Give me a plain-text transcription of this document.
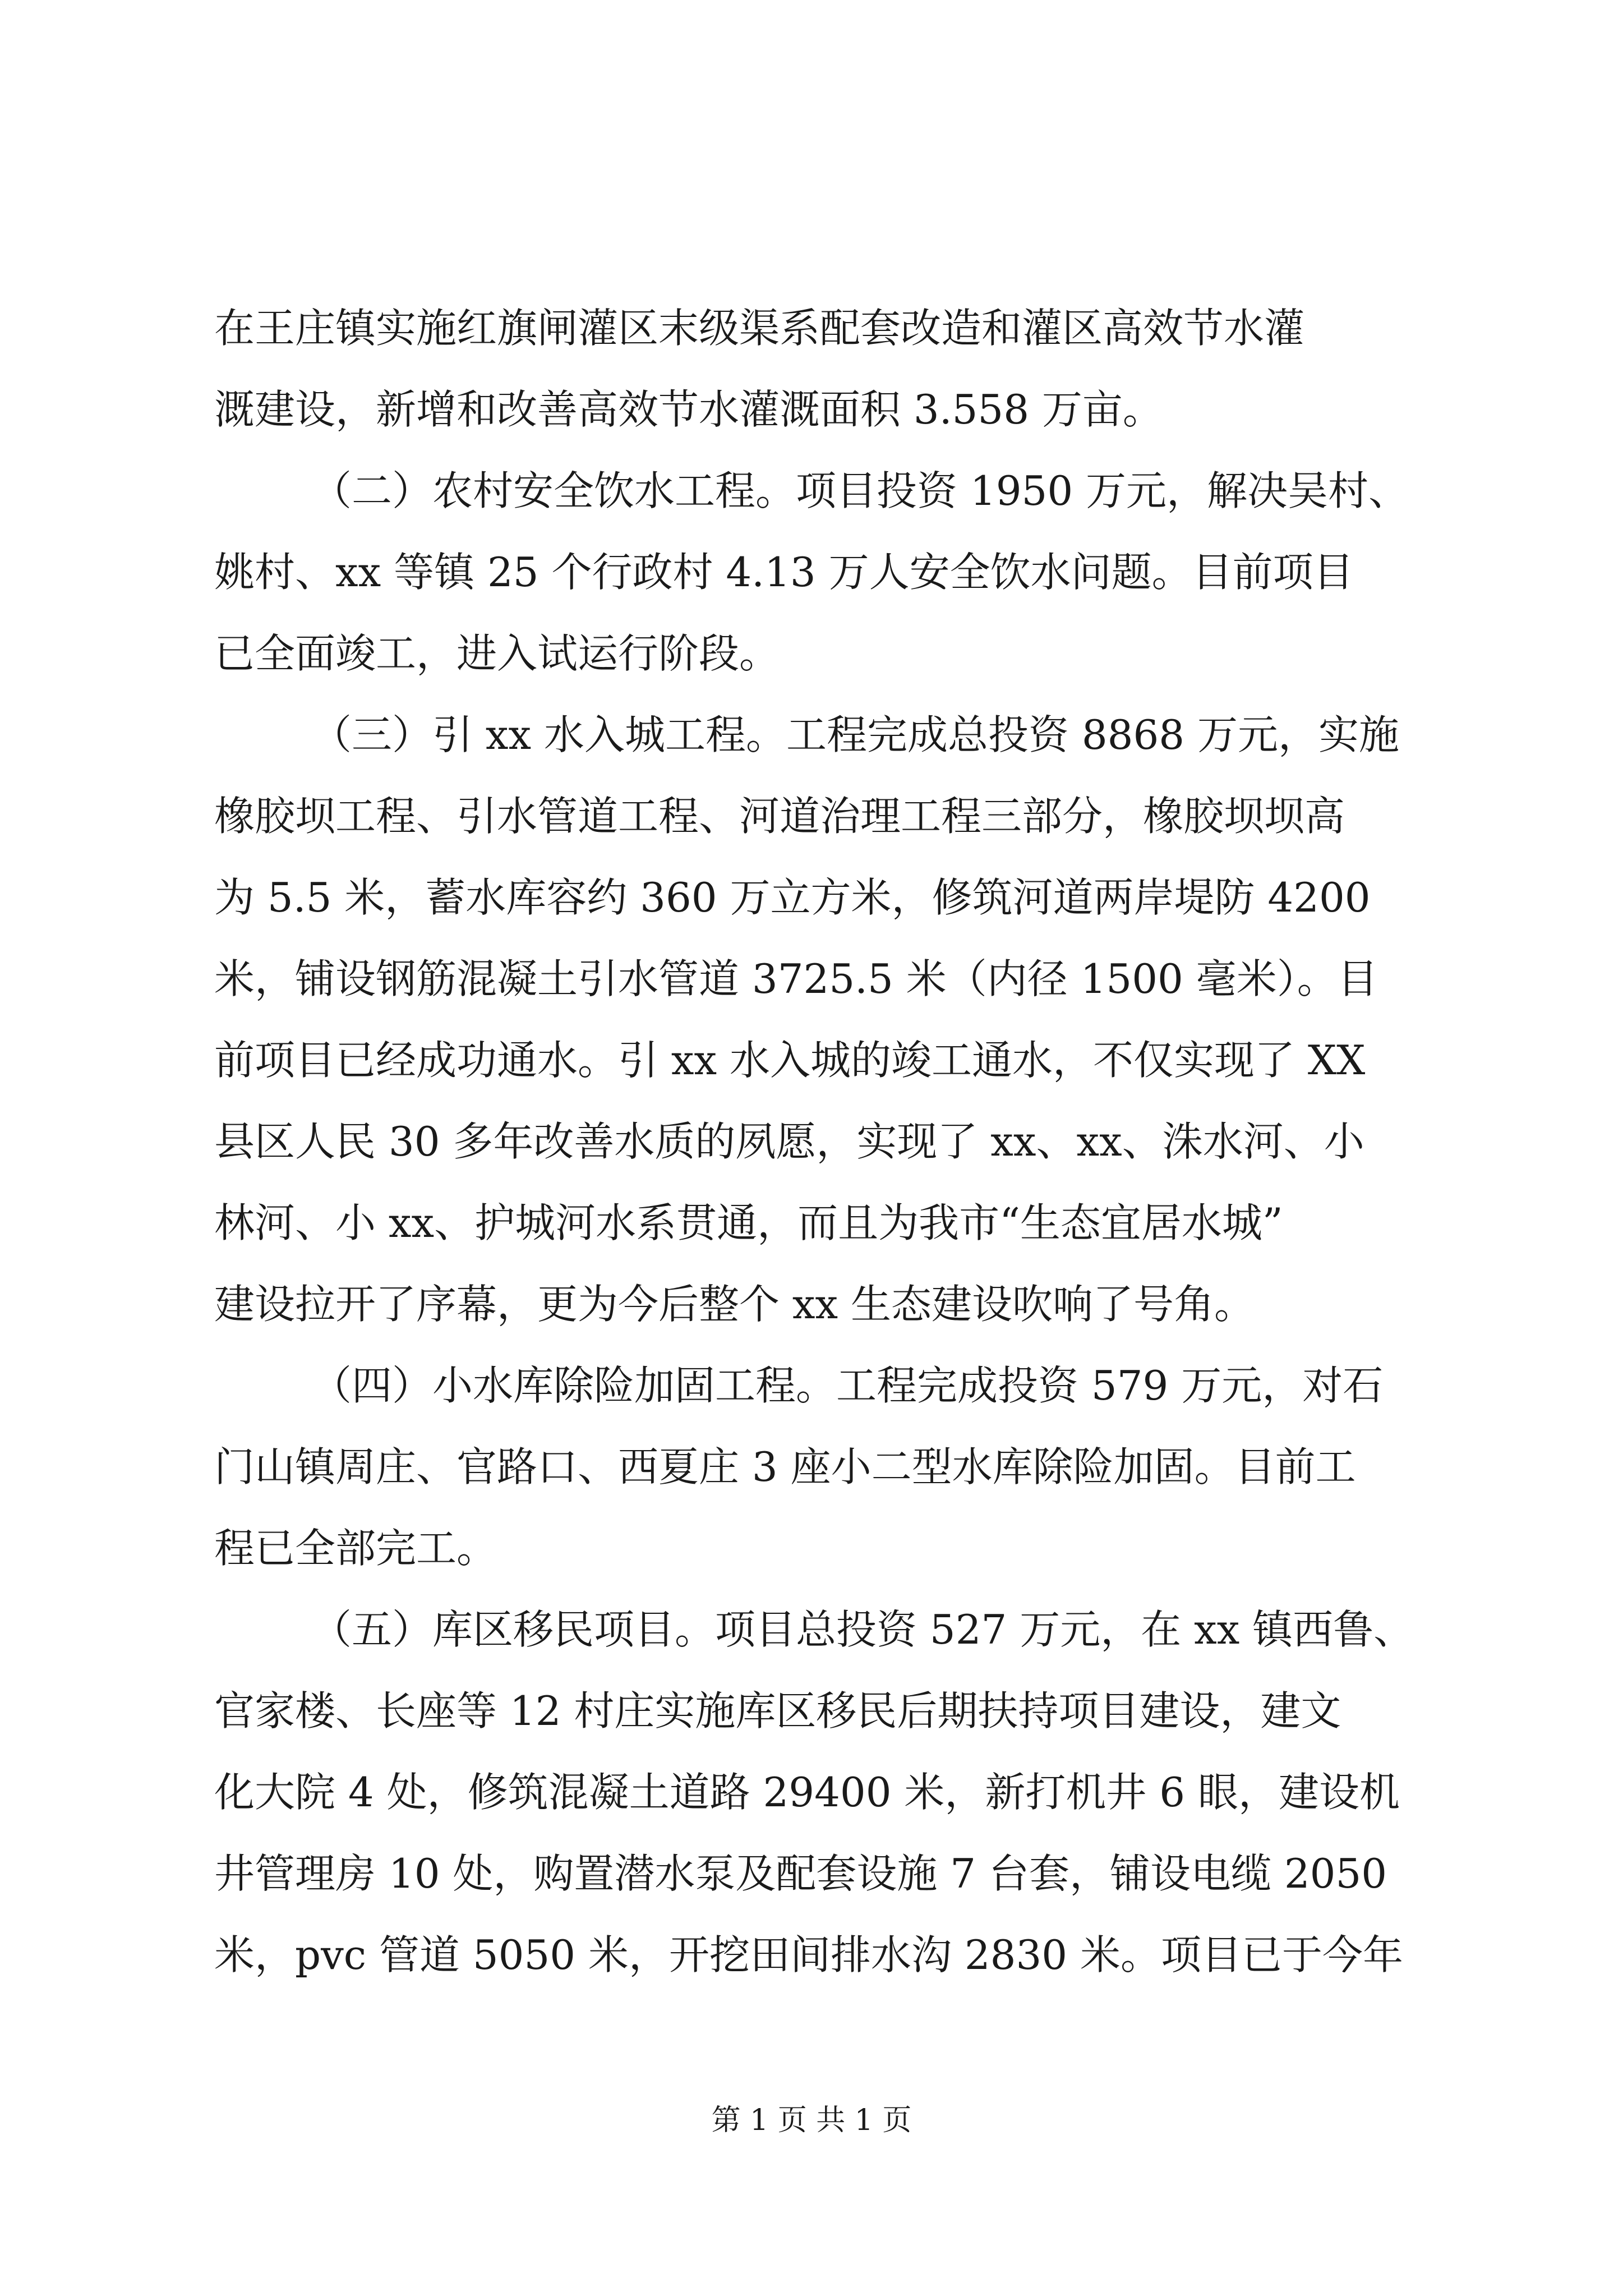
在王庄镇实施红旗闸灌区末级渠系配套改造和灌区高效节水灌
溉建设，新增和改善高效节水灌溉面积 3.558 万亩。
（二）农村安全饮水工程。项目投资 1950 万元，解决吴村、
姚村、xx 等镇 25 个行政村 4.13 万人安全饮水问题。目前项目
已全面竣工，进入试运行阶段。
（三）引 xx 水入城工程。工程完成总投资 8868 万元，实施
橡胶坝工程、引水管道工程、河道治理工程三部分，橡胶坝坝高
为 5.5 米，蓄水库容约 360 万立方米，修筑河道两岸堤防 4200
米，铺设钢筋混凝土引水管道 3725.5 米（内径 1500 毫米）。目
前项目已经成功通水。引 xx 水入城的竣工通水，不仅实现了 XX
县区人民 30 多年改善水质的夙愿，实现了 xx、xx、洙水河、小
林河、小 xx、护城河水系贯通，而且为我市“生态宜居水城”
建设拉开了序幕，更为今后整个 xx 生态建设吹响了号角。
（四）小水库除险加固工程。工程完成投资 579 万元，对石
门山镇周庄、官路口、西夏庄 3 座小二型水库除险加固。目前工
程已全部完工。
（五）库区移民项目。项目总投资 527 万元，在 xx 镇西鲁、
官家楼、长座等 12 村庄实施库区移民后期扶持项目建设，建文
化大院 4 处，修筑混凝土道路 29400 米，新打机井 6 眼，建设机
井管理房 10 处，购置潜水泵及配套设施 7 台套，铺设电缆 2050
米，pvc 管道 5050 米，开挖田间排水沟 2830 米。项目已于今年
第 1 页 共 1 页
